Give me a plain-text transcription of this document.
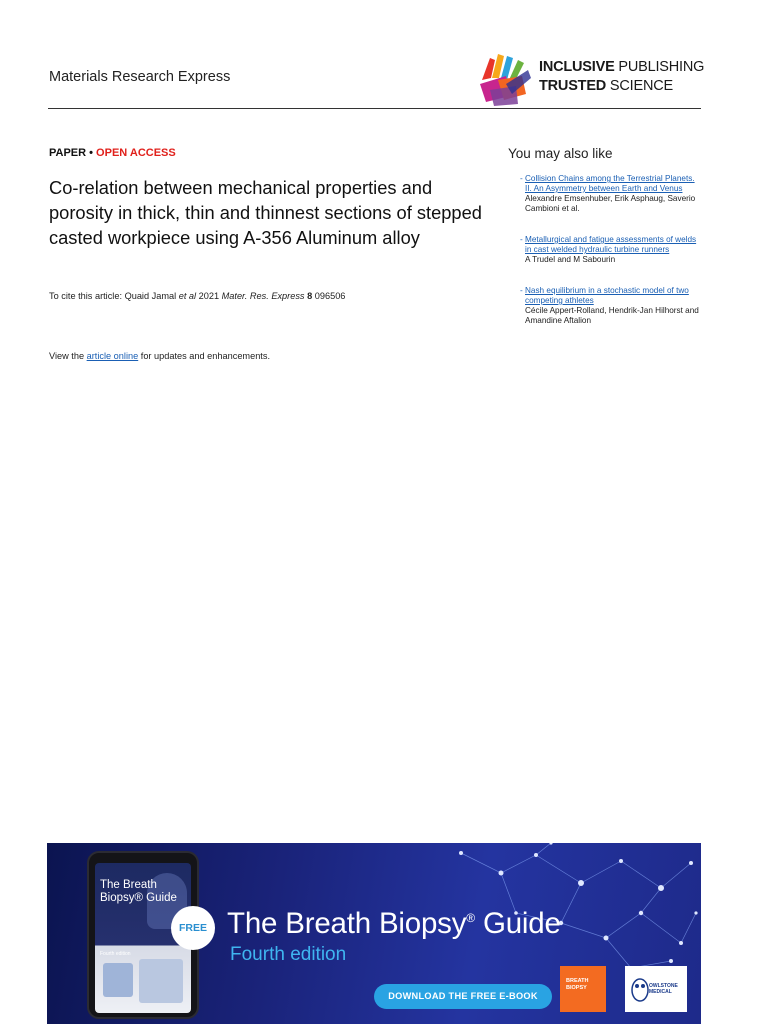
Materials Research Express
INCLUSIVE PUBLISHING
TRUSTED SCIENCE
PAPER • OPEN ACCESS
Co-relation between mechanical properties and porosity in thick, thin and thinnest sections of stepped casted workpiece using A-356 Aluminum alloy
To cite this article: Quaid Jamal et al 2021 Mater. Res. Express 8 096506
View the article online for updates and enhancements.
You may also like
- Collision Chains among the Terrestrial Planets. II. An Asymmetry between Earth and Venus
Alexandre Emsenhuber, Erik Asphaug, Saverio Cambioni et al.
- Metallurgical and fatigue assessments of welds in cast welded hydraulic turbine runners
A Trudel and M Sabourin
- Nash equilibrium in a stochastic model of two competing athletes
Cécile Appert-Rolland, Hendrik-Jan Hilhorst and Amandine Aftalion
The Breath Biopsy® Guide
Fourth edition
FREE The Breath Biopsy® Guide
Fourth edition
DOWNLOAD THE FREE E-BOOK
BREATH BIOPSY	OWLSTONE MEDICAL
